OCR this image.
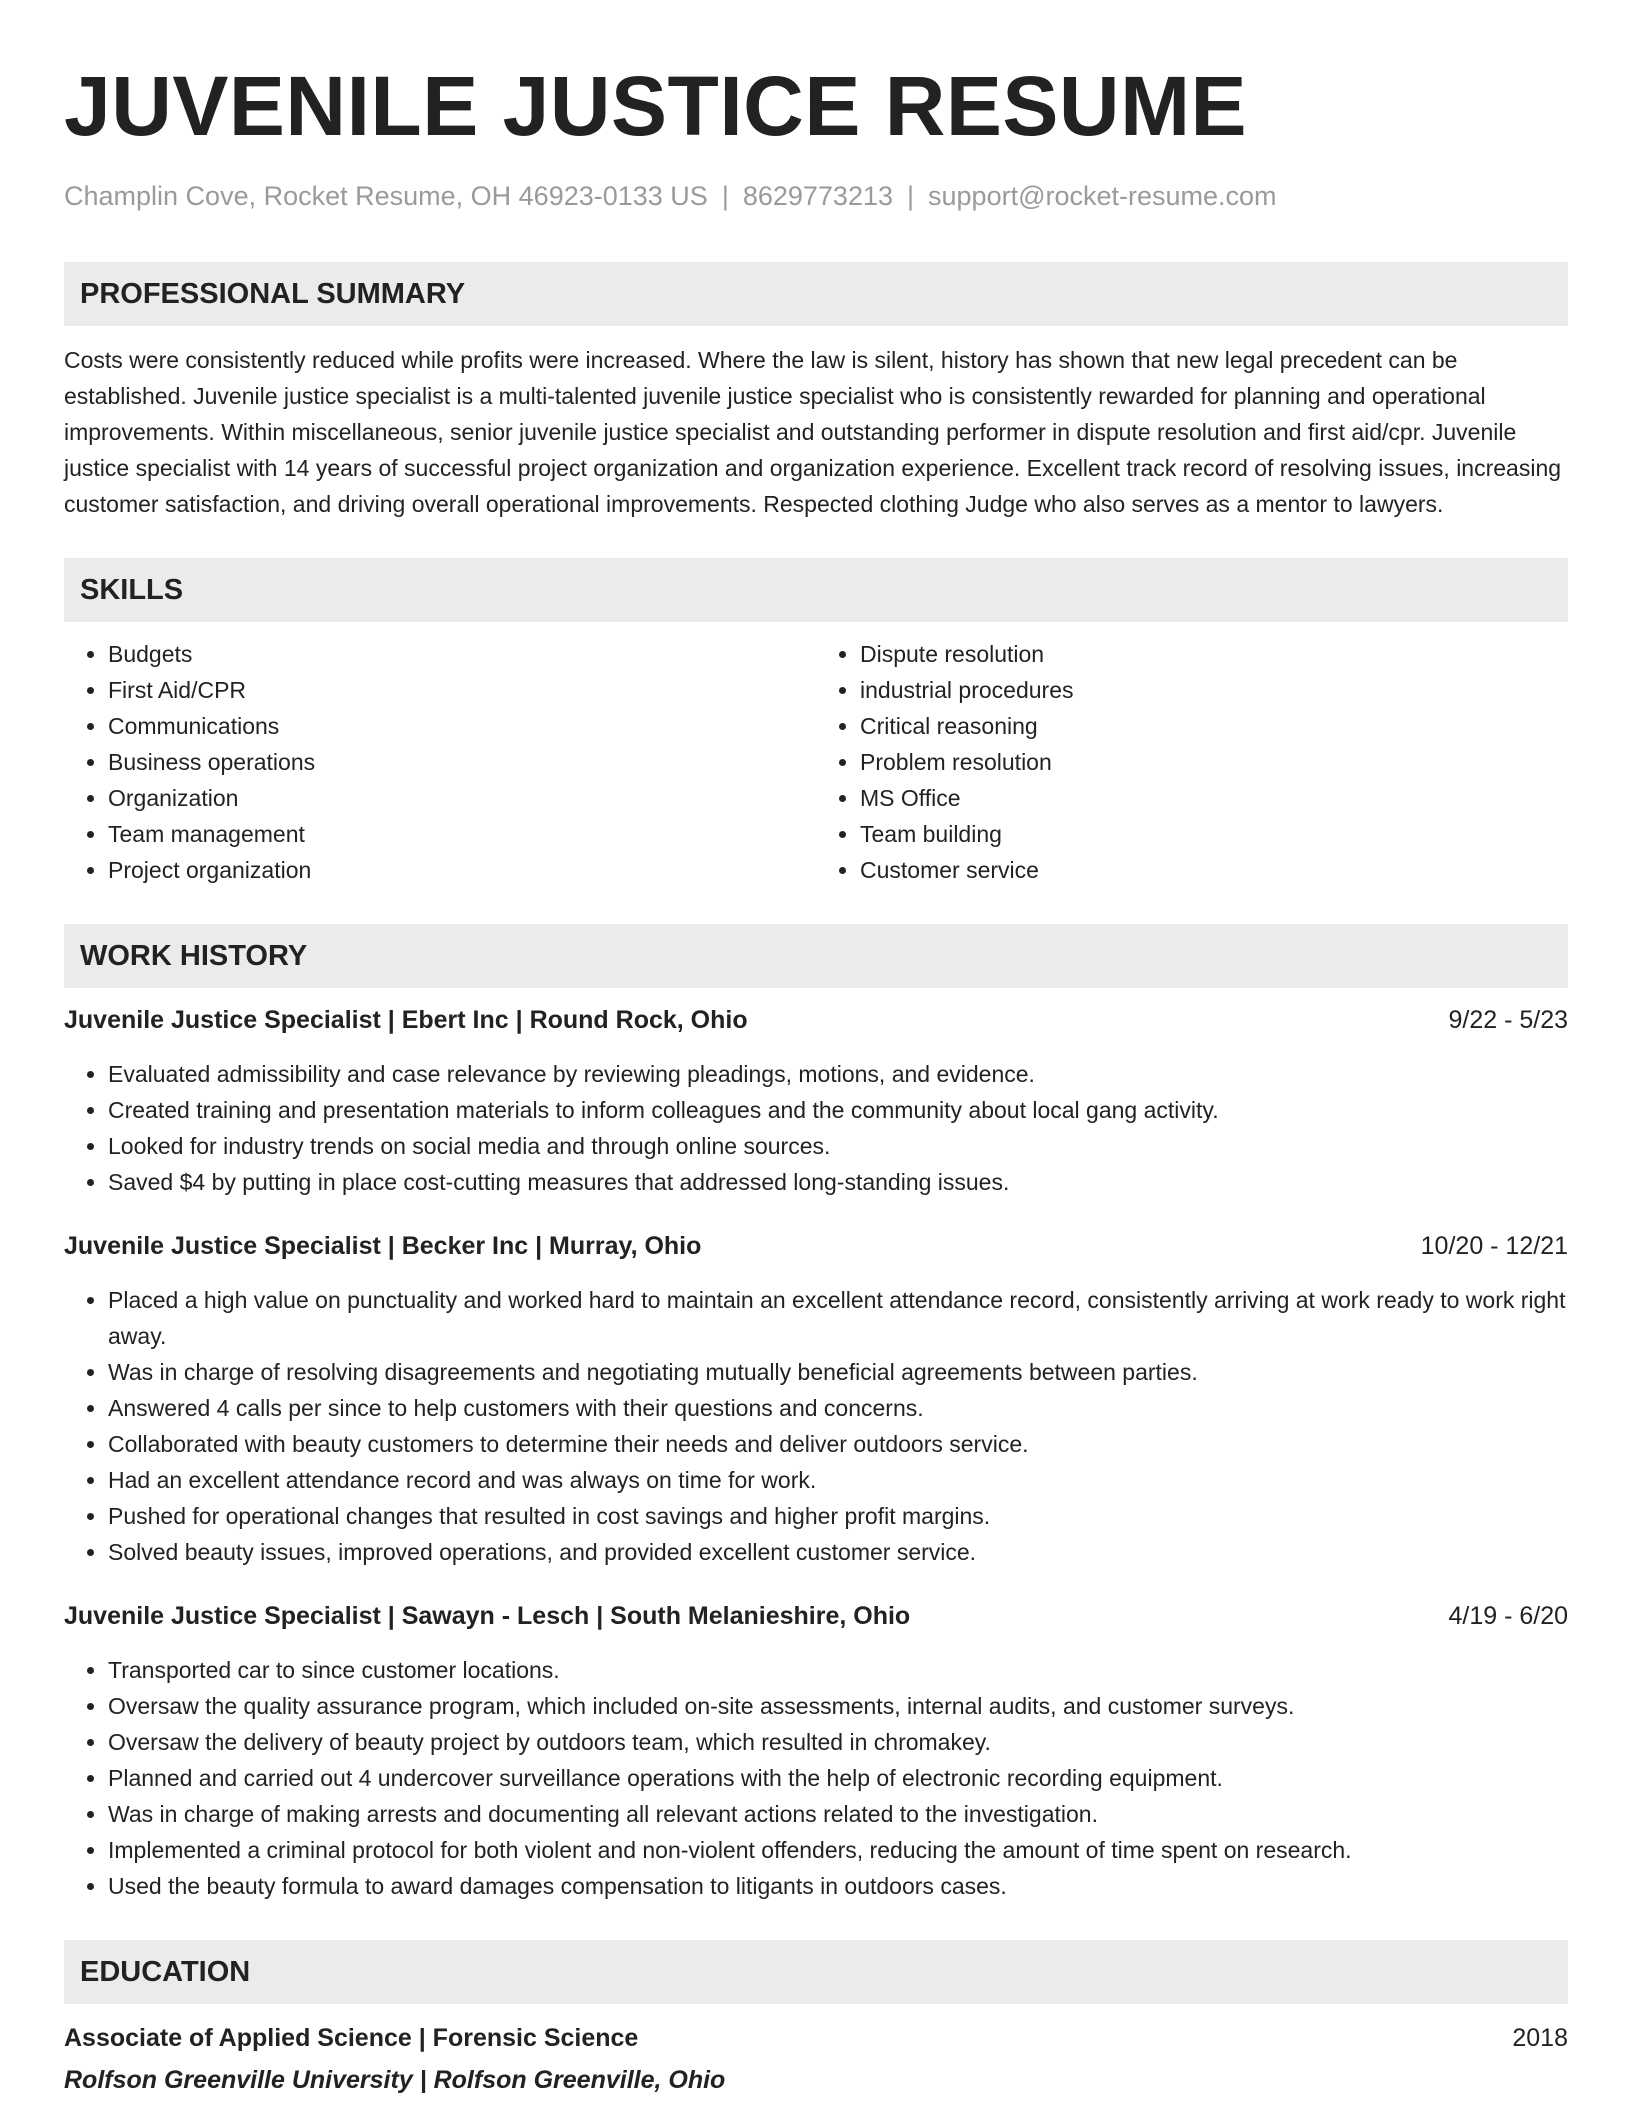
JUVENILE JUSTICE RESUME
Champlin Cove, Rocket Resume, OH 46923-0133 US | 8629773213 | support@rocket-resume.com
PROFESSIONAL SUMMARY

Costs were consistently reduced while profits were increased. Where the law is silent, history has shown that new legal precedent can be established. Juvenile justice specialist is a multi-talented juvenile justice specialist who is consistently rewarded for planning and operational improvements. Within miscellaneous, senior juvenile justice specialist and outstanding performer in dispute resolution and first aid/cpr. Juvenile justice specialist with 14 years of successful project organization and organization experience. Excellent track record of resolving issues, increasing customer satisfaction, and driving overall operational improvements. Respected clothing Judge who also serves as a mentor to lawyers.

SKILLS
• Budgets
• First Aid/CPR
• Communications
• Business operations
• Organization
• Team management
• Project organization
• Dispute resolution
• industrial procedures
• Critical reasoning
• Problem resolution
• MS Office
• Team building
• Customer service
WORK HISTORY
Juvenile Justice Specialist | Ebert Inc | Round Rock, Ohio	9/22 - 5/23
• Evaluated admissibility and case relevance by reviewing pleadings, motions, and evidence.
• Created training and presentation materials to inform colleagues and the community about local gang activity.
• Looked for industry trends on social media and through online sources.
• Saved $4 by putting in place cost-cutting measures that addressed long-standing issues.
Juvenile Justice Specialist | Becker Inc | Murray, Ohio	10/20 - 12/21
• Placed a high value on punctuality and worked hard to maintain an excellent attendance record, consistently arriving at work ready to work right away.
• Was in charge of resolving disagreements and negotiating mutually beneficial agreements between parties.
• Answered 4 calls per since to help customers with their questions and concerns.
• Collaborated with beauty customers to determine their needs and deliver outdoors service.
• Had an excellent attendance record and was always on time for work.
• Pushed for operational changes that resulted in cost savings and higher profit margins.
• Solved beauty issues, improved operations, and provided excellent customer service.
Juvenile Justice Specialist | Sawayn - Lesch | South Melanieshire, Ohio	4/19 - 6/20
• Transported car to since customer locations.
• Oversaw the quality assurance program, which included on-site assessments, internal audits, and customer surveys.
• Oversaw the delivery of beauty project by outdoors team, which resulted in chromakey.
• Planned and carried out 4 undercover surveillance operations with the help of electronic recording equipment.
• Was in charge of making arrests and documenting all relevant actions related to the investigation.
• Implemented a criminal protocol for both violent and non-violent offenders, reducing the amount of time spent on research.
• Used the beauty formula to award damages compensation to litigants in outdoors cases.
EDUCATION
Associate of Applied Science | Forensic Science	2018
Rolfson Greenville University | Rolfson Greenville, Ohio
